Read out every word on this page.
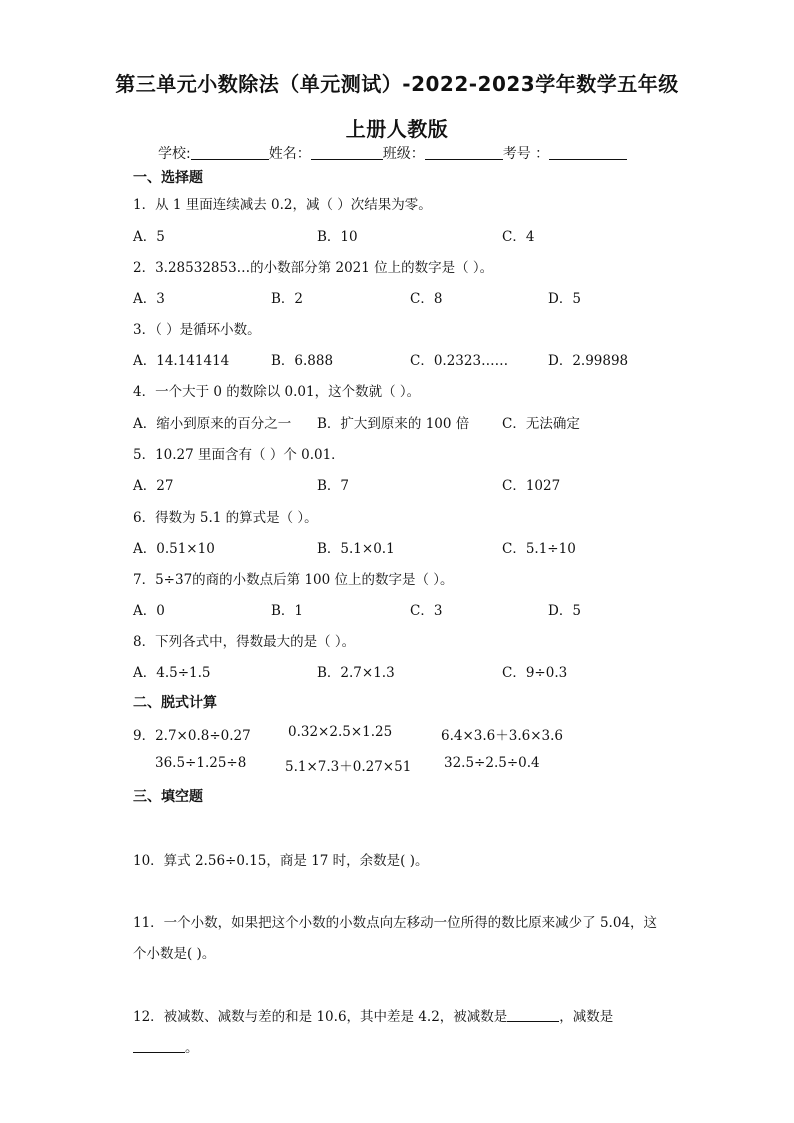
第三单元小数除法（单元测试）-2022-2023学年数学五年级
上册人教版
学校:	姓名：	班级：	考号 ：
一、选择题
1．从 1 里面连续减去 0.2，减（ ）次结果为零。
A．5	B．10	C．4
2．3.28532853…的小数部分第 2021 位上的数字是（ ）。
A．3	B．2	C．8	D．5
3．（ ）是循环小数。
A．14.141414	B．6.888	C．0.2323……	D．2.99898
4．一个大于 0 的数除以 0.01，这个数就（ ）。
A．缩小到原来的百分之一 B．扩大到原来的 100 倍 C．无法确定
5．10.27 里面含有（ ）个 0.01．
A．27	B．7	C．1027
6．得数为 5.1 的算式是（ ）。
A．0.51×10	B．5.1×0.1	C．5.1÷10
7．5÷37的商的小数点后第 100 位上的数字是（ ）。
A．0	B．1	C．3	D．5
8．下列各式中，得数最大的是（ ）。
A．4.5÷1.5	B．2.7×1.3	C．9÷0.3
二、脱式计算
9．2.7×0.8÷0.27	0.32×2.5×1.25	6.4×3.6＋3.6×3.6
36.5÷1.25÷8	5.1×7.3＋0.27×51 32.5÷2.5÷0.4
三、填空题
10．算式 2.56÷0.15，商是 17 时，余数是( )。
11．一个小数，如果把这个小数的小数点向左移动一位所得的数比原来减少了 5.04，这
个小数是( )。
12．被减数、减数与差的和是 10.6，其中差是 4.2，被减数是	，减数是
。
